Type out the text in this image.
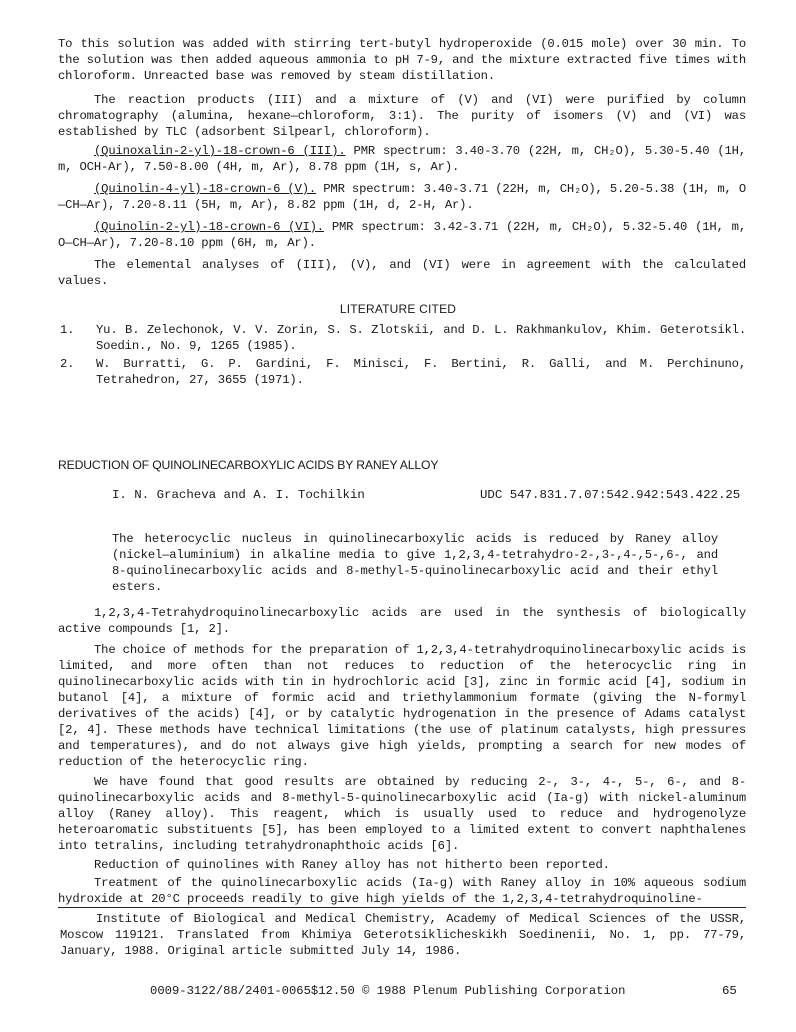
To this solution was added with stirring tert-butyl hydroperoxide (0.015 mole) over 30 min. To the solution was then added aqueous ammonia to pH 7-9, and the mixture extracted five times with chloroform. Unreacted base was removed by steam distillation.

The reaction products (III) and a mixture of (V) and (VI) were purified by column chromatography (alumina, hexane—chloroform, 3:1). The purity of isomers (V) and (VI) was established by TLC (adsorbent Silpearl, chloroform).

(Quinoxalin-2-yl)-18-crown-6 (III). PMR spectrum: 3.40-3.70 (22H, m, CH₂O), 5.30-5.40 (1H, m, OCH-Ar), 7.50-8.00 (4H, m, Ar), 8.78 ppm (1H, s, Ar).

(Quinolin-4-yl)-18-crown-6 (V). PMR spectrum: 3.40-3.71 (22H, m, CH₂O), 5.20-5.38 (1H, m, O—CH—Ar), 7.20-8.11 (5H, m, Ar), 8.82 ppm (1H, d, 2-H, Ar).

(Quinolin-2-yl)-18-crown-6 (VI). PMR spectrum: 3.42-3.71 (22H, m, CH₂O), 5.32-5.40 (1H, m, O—CH—Ar), 7.20-8.10 ppm (6H, m, Ar).

The elemental analyses of (III), (V), and (VI) were in agreement with the calculated values.

LITERATURE CITED
1. Yu. B. Zelechonok, V. V. Zorin, S. S. Zlotskii, and D. L. Rakhmankulov, Khim. Geterotsikl. Soedin., No. 9, 1265 (1985).
2. W. Burratti, G. P. Gardini, F. Minisci, F. Bertini, R. Galli, and M. Perchinuno, Tetrahedron, 27, 3655 (1971).
REDUCTION OF QUINOLINECARBOXYLIC ACIDS BY RANEY ALLOY
I. N. Gracheva and A. I. Tochilkin	UDC 547.831.7.07:542.942:543.422.25

The heterocyclic nucleus in quinolinecarboxylic acids is reduced by Raney alloy (nickel—aluminium) in alkaline media to give 1,2,3,4-tetrahydro-2-,3-,4-,5-,6-, and 8-quinolinecarboxylic acids and 8-methyl-5-quinolinecarboxylic acid and their ethyl esters.

1,2,3,4-Tetrahydroquinolinecarboxylic acids are used in the synthesis of biologically active compounds [1, 2].

The choice of methods for the preparation of 1,2,3,4-tetrahydroquinolinecarboxylic acids is limited, and more often than not reduces to reduction of the heterocyclic ring in quinolinecarboxylic acids with tin in hydrochloric acid [3], zinc in formic acid [4], sodium in butanol [4], a mixture of formic acid and triethylammonium formate (giving the N-formyl derivatives of the acids) [4], or by catalytic hydrogenation in the presence of Adams catalyst [2, 4]. These methods have technical limitations (the use of platinum catalysts, high pressures and temperatures), and do not always give high yields, prompting a search for new modes of reduction of the heterocyclic ring.

We have found that good results are obtained by reducing 2-, 3-, 4-, 5-, 6-, and 8-quinolinecarboxylic acids and 8-methyl-5-quinolinecarboxylic acid (Ia-g) with nickel-aluminum alloy (Raney alloy). This reagent, which is usually used to reduce and hydrogenolyze heteroaromatic substituents [5], has been employed to a limited extent to convert naphthalenes into tetralins, including tetrahydronaphthoic acids [6].

Reduction of quinolines with Raney alloy has not hitherto been reported.

Treatment of the quinolinecarboxylic acids (Ia-g) with Raney alloy in 10% aqueous sodium hydroxide at 20°C proceeds readily to give high yields of the 1,2,3,4-tetrahydroquinoline-

Institute of Biological and Medical Chemistry, Academy of Medical Sciences of the USSR, Moscow 119121. Translated from Khimiya Geterotsiklicheskikh Soedinenii, No. 1, pp. 77-79, January, 1988. Original article submitted July 14, 1986.

0009-3122/88/2401-0065$12.50 © 1988 Plenum Publishing Corporation	65
